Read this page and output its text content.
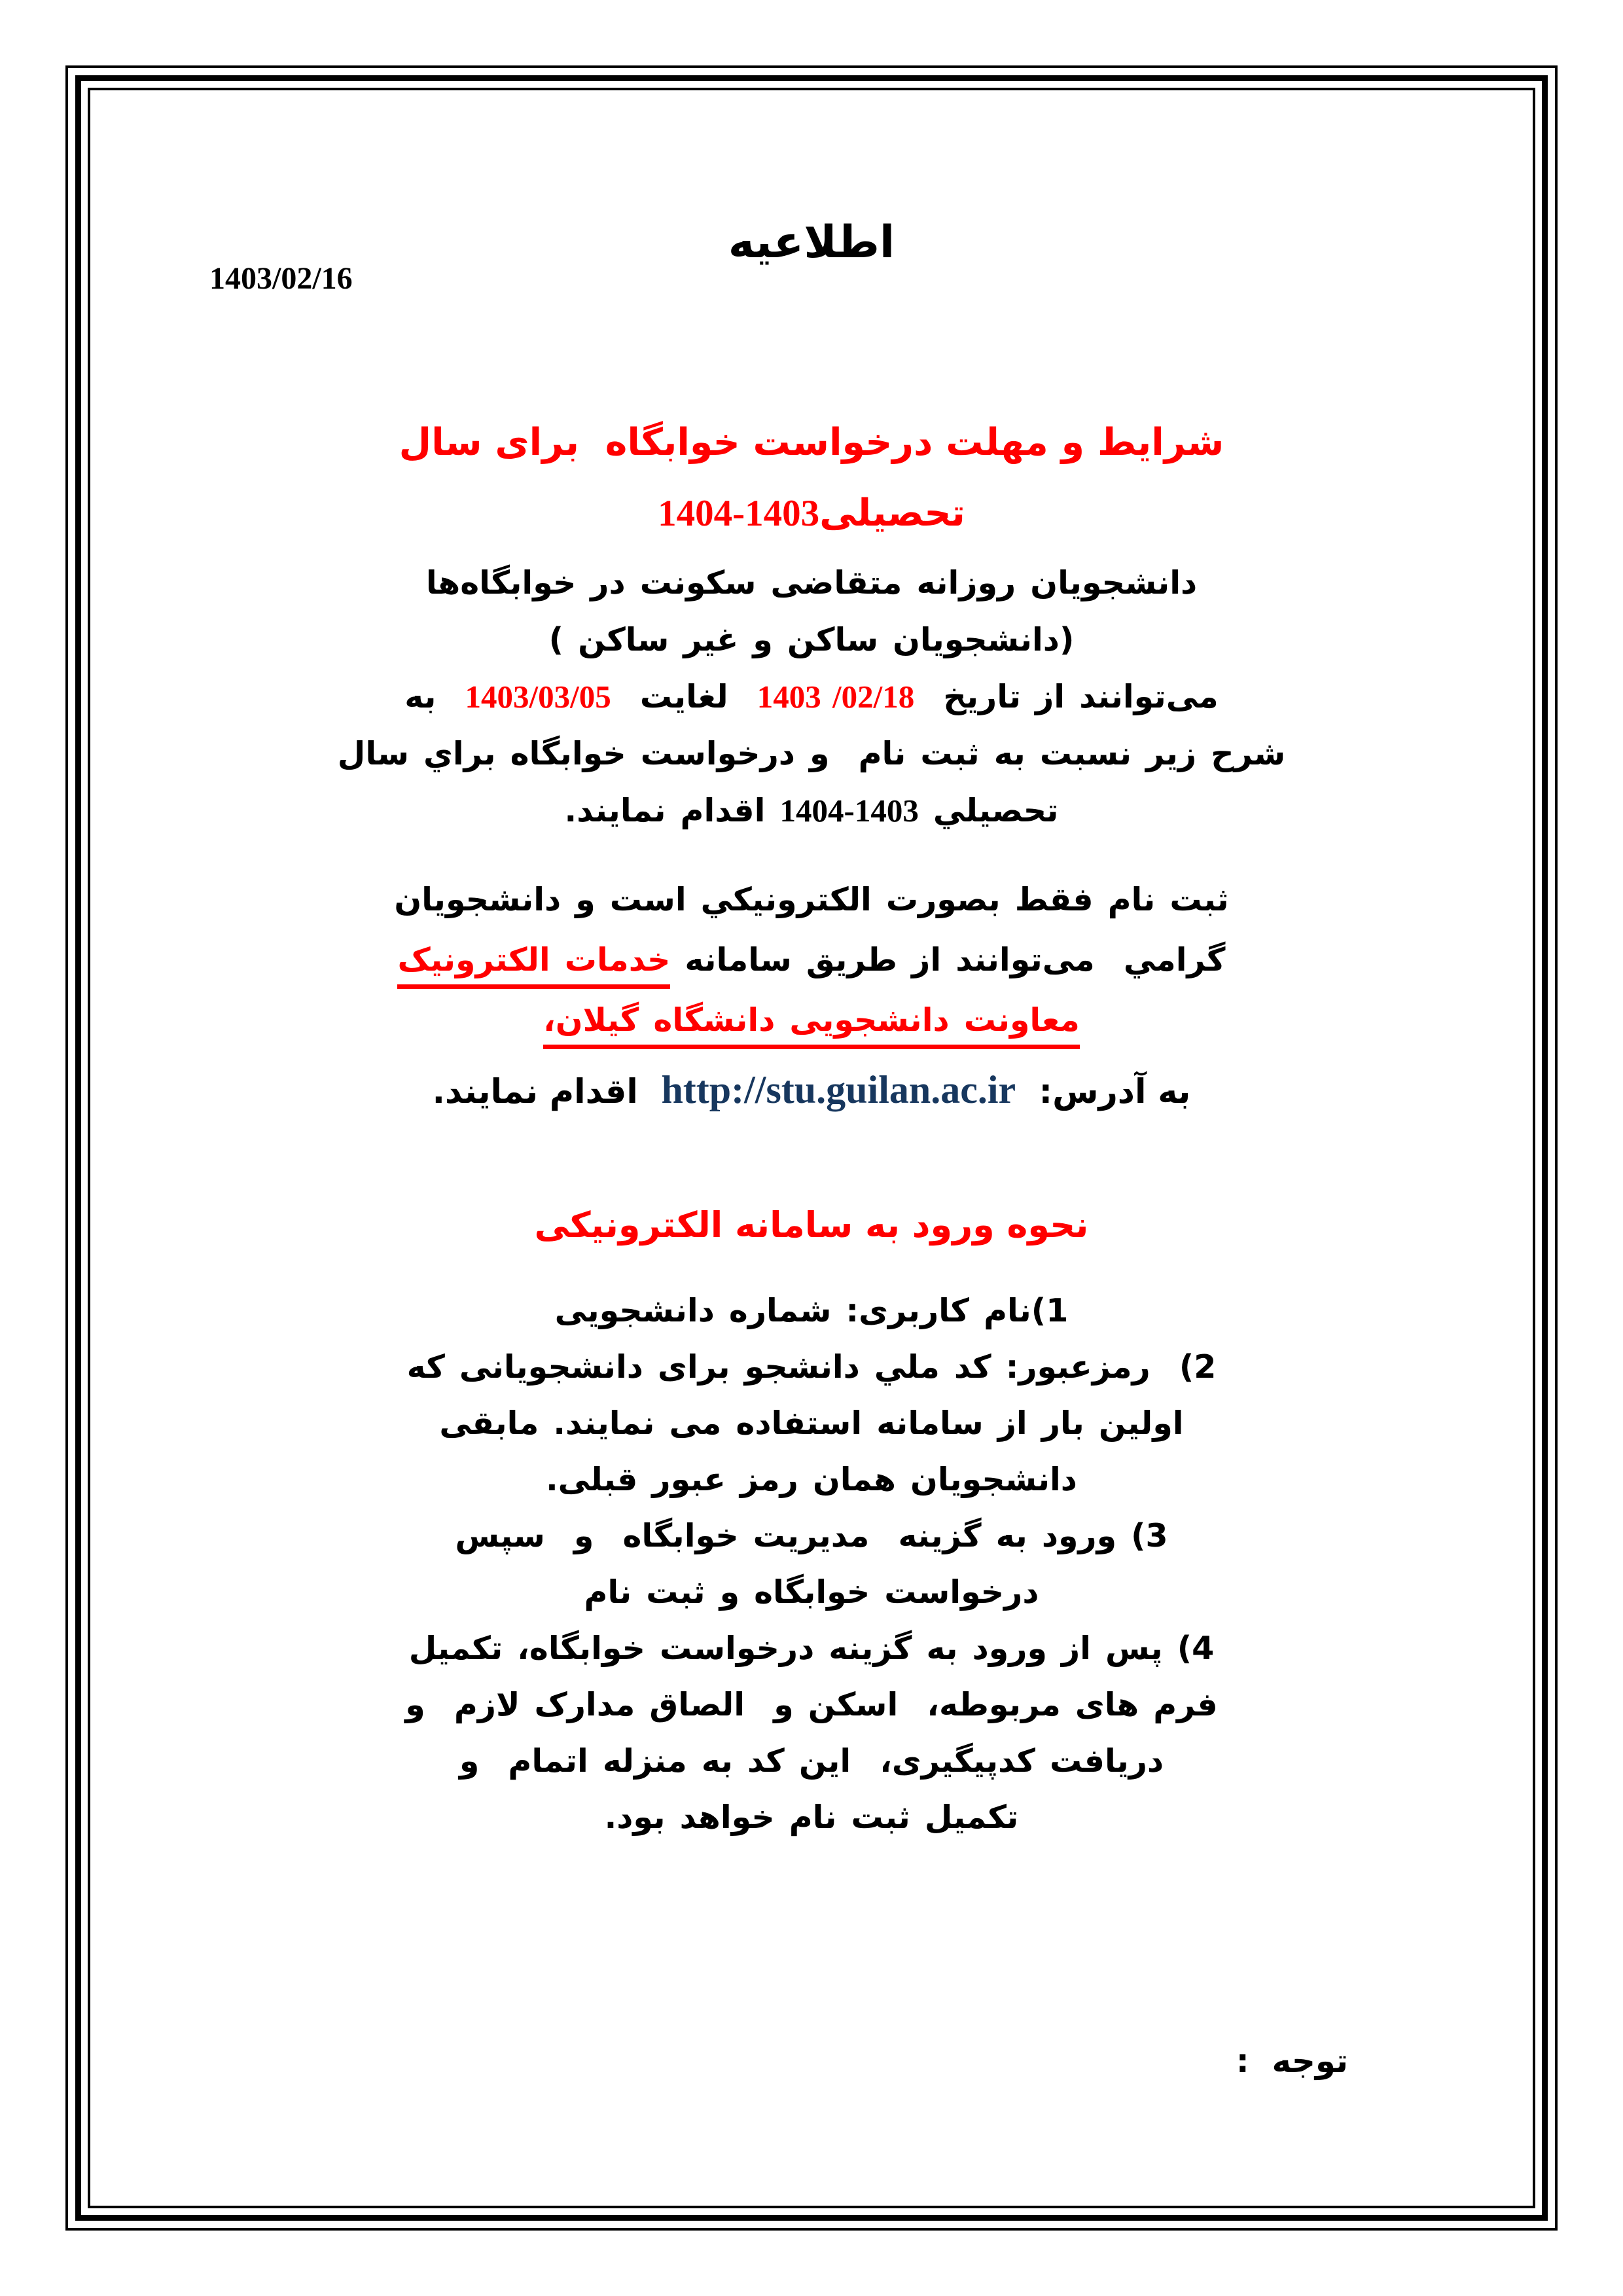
اطلاعیه
1403/02/16
شرایط و مهلت درخواست خوابگاه  برای سال
تحصیلی1403-1404

دانشجویان روزانه متقاضی سکونت در خوابگاه‌ها
(دانشجویان ساکن و غیر ساکن )
می‌توانند از تاریخ  1403 /02/18  لغایت  1403/03/05  به
شرح زیر نسبت به ثبت نام  و درخواست خوابگاه براي سال
تحصیلي 1403-1404 اقدام نمایند.

ثبت نام فقط بصورت الکترونیکي است و دانشجویان
گرامي  می‌توانند از طریق سامانه خدمات الکترونیک
معاونت دانشجویی دانشگاه گیلان،

به آدرس:  http://stu.guilan.ac.ir  اقدام نمایند.

نحوه ورود به سامانه الکترونیکی
1)نام کاربری: شماره دانشجویی
2)  رمزعبور: کد ملي دانشجو برای دانشجویانی که
اولین بار از سامانه استفاده می نمایند. مابقی
دانشجویان همان رمز عبور قبلی.
3) ورود به گزینه  مدیریت خوابگاه  و  سپس
درخواست خوابگاه و ثبت نام
4) پس از ورود به گزینه درخواست خوابگاه، تکمیل
فرم های مربوطه،  اسکن و  الصاق مدارک لازم  و
دریافت کدپیگیری،  این کد به منزله اتمام  و
تکمیل ثبت نام خواهد بود.
توجه  :
